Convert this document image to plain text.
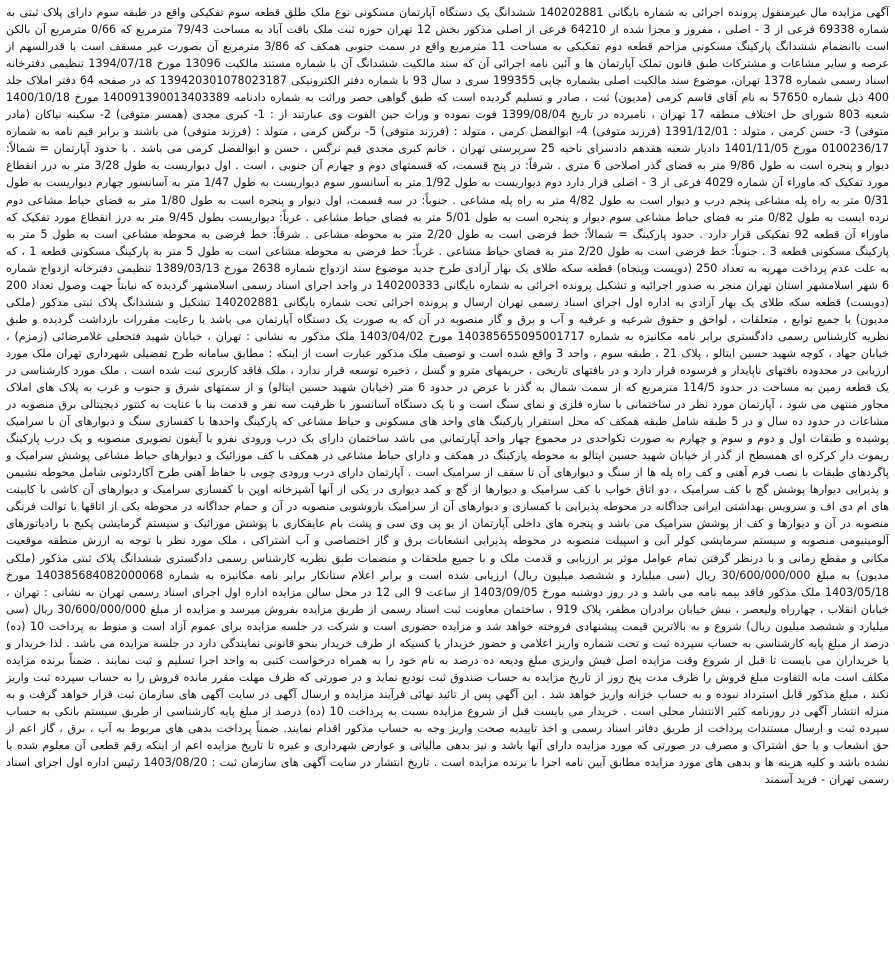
آگهی مزایده مال غیرمنقول پرونده اجرائی به شماره بایگانی 140202881 ششدانگ یک دستگاه آپارتمان مسکونی نوع ملک طلق قطعه سوم تفکیکی واقع در طبقه سوم دارای پلاک ثبتی به شماره 69338 فرعی از 3 - اصلی ، مفروز و مجزا شده از 64210 فرعی از اصلی مذکور بخش 12 تهران حوزه ثبت ملک بافت آباد به مساحت 79/43 مترمربع که 0/66 مترمربع آن بالکن است باانضمام ششدانگ پارکینگ مسکونی مزاحم قطعه دوم تفکیکی به مساحت 11 مترمربع واقع در سمت جنوبی همکف که 3/86 مترمربع آن بصورت غیر مسقف است با قدرالسهم از عرصه و سایر مشاعات و مشترکات طبق قانون تملک آپارتمان ها و آئین نامه اجرائی آن که سند مالکیت ششدانگ آن با شماره مستند مالکیت 13096 مورخ 1394/07/18 تنظیمی دفترخانه اسناد رسمی شماره 1378 تهران، موضوع سند مالکیت اصلی بشماره چاپی 199355 سری د سال 93 با شماره دفتر الکترونیکی 139420301078023187 که در صفحه 64 دفتر املاک جلد 400 ذیل شماره 57650 به نام آقای قاسم کرمی (مدیون) ثبت ، صادر و تسلیم گردیده است که طبق گواهی حصر وراثت به شماره دادنامه 140091390013403389 مورخ 1400/10/18 شعبه 803 شورای حل اختلاف منطقه 17 تهران ، نامبرده در تاریخ 1399/08/04 فوت نموده و وراث حین الفوت وی عبارتند از : 1- کبری مجدی (همسر متوفی) 2- سکینه نیاکان (مادر متوفی) 3- حسن کرمی ، متولد : 1391/12/01 (فرزند متوفی) 4- ابوالفضل کرمی ، متولد : (فرزند متوفی) 5- نرگس کرمی ، متولد : (فرزند متوفی) می باشند و برابر قیم نامه به شماره 0100236/17 مورخ 1401/11/05 دادیار شعبه هفدهم دادسرای ناحیه 25 سرپرستی تهران ، خانم کبری مجدی قیم نرگس ، حسن و ابوالفضل کرمی می باشد . با حدود آپارتمان = شمالاً: دیوار و پنجره است به طول 9/86 متر به فضای گذر اصلاحی 6 متری . شرقاً: در پنج قسمت، که قسمتهای دوم و چهارم آن جنوبی ، است . اول دیواریست به طول 3/28 متر به درز انقطاع مورد تفکیک که ماوراء آن شماره 4029 فرعی از 3 - اصلی قرار دارد دوم دیواریست به طول 1/92 متر به آسانسور سوم دیواریست به طول 1/47 متر به آسانسور چهارم دیواریست به طول 0/31 متر به راه پله مشاعی پنجم درب و دیوار است به طول 4/82 متر به راه پله مشاعی . جنوباً: در سه قسمت، اول دیوار و پنجره است به طول 1/80 متر به فضای حیاط مشاعی دوم نرده ایست به طول 0/82 متر به فضای حیاط مشاعی سوم دیوار و پنجره است به طول 5/01 متر به فضای حیاط مشاعی . غرباً: دیواریست بطول 9/45 متر به درز انقطاع مورد تفکیک که ماوراء آن قطعه 92 تفکیکی قرار دارد . حدود پارکینگ = شمالاً: خط فرضی است به طول 2/20 متر به محوطه مشاعی . شرقاً: خط فرضی به محوطه مشاعی است به طول 5 متر به پارکینگ مسکونی قطعه 3 . جنوباً: خط فرضی است به طول 2/20 متر به فضای حیاط مشاعی . غرباً: خط فرضی به محوطه مشاعی است به طول 5 متر به پارکینگ مسکونی قطعه 1 ، که به علت عدم پرداخت مهریه به تعداد 250 (دویست وپنجاه) قطعه سکه طلای یک بهار آزادی طرح جدید موضوع سند ازدواج شماره 2638 مورخ 1389/03/13 تنظیمی دفترخانه ازدواج شماره 6 شهر اسلامشهر استان تهران منجر به صدور اجرائیه و تشکیل پرونده اجرائی به شماره بایگانی 140200333 در واحد اجرای اسناد رسمی اسلامشهر گردیده که نیابتاً جهت وصول تعداد 200 (دویست) قطعه سکه طلای یک بهار آزادی به اداره اول اجرای اسناد رسمی تهران ارسال و پرونده اجرائی تحت شماره بایگانی 140202881 تشکیل و ششدانگ پلاک ثبتی مذکور (ملکی مدیون) با جمیع توابع ، متعلقات ، لواحق و حقوق شرعیه و عرفیه و آب و برق و گاز منصوبه در آن که به صورت یک دستگاه آپارتمان می باشد با رعایت مقررات بازداشت گردیده و طبق نظریه کارشناس رسمی دادگستری برابر نامه مکانیزه به شماره 140385655095001717 مورخ 1403/04/02 ملک مذکور به نشانی : تهران ، خیابان شهید فتحعلی غلامرضائی (زمزم) ، خیابان جهاد ، کوچه شهید حسین ایتالو ، پلاک 21 ، طبقه سوم ، واحد 3 واقع شده است و توصیف ملک مذکور عبارت است از اینکه : مطابق سامانه طرح تفضیلی شهرداری تهران ملک مورد ارزیابی در محدوده بافتهای ناپایدار و فرسوده قرار دارد و در بافتهای تاریخی ، حریمهای مترو و گسل ، ذخیره توسعه قرار ندارد ، ملک فاقد کاربری ثبت شده است . ملک مورد کارشناسی در یک قطعه زمین به مساحت در حدود 114/5 مترمربع که از سمت شمال به گذر با عرض در حدود 6 متر (خیابان شهید حسین ایتالو) و از سمتهای شرق و جنوب و غرب به پلاک های املاک مجاور منتهی می شود ، آپارتمان مورد نظر در ساختمانی با سازه فلزی و نمای سنگ است و با یک دستگاه آسانسور با ظرفیت سه نفر و قدمت بنا با عنایت به کنتور دیجیتالی برق منصوبه در مشاعات در حدود ده سال و در 5 طبقه شامل طبقه همکف که محل استقرار پارکینگ های واحد های مسکونی و حیاط مشاعی که پارکینگ واحدها با کفسازی سنگ و دیوارهای آن با سرامیک پوشیده و طبقات اول و دوم و سوم و چهارم به صورت تکواحدی در مجموع چهار واحد آپارتمانی می باشد ساختمان دارای یک درب ورودی نفرو با آیفون تصویری منصوبه و یک درب پارکینگ ریموت دار کرکره ای همسطح از گذر از خیابان شهید حسین ایتالو به محوطه پارکینگ در همکف و دارای حیاط مشاعی در همکف با کف موزائیک و دیوارهای حیاط مشاعی پوشش سرامیک و پاگردهای طبقات با نصب فرم آهنی و کف راه پله ها از سنگ و دیوارهای آن تا سقف از سرامیک است . آپارتمان دارای درب ورودی چوبی با حفاظ آهنی طرح آکاردئونی شامل محوطه نشیمن و پذیرایی دیوارها پوشش گچ با کف سرامیک ، دو اتاق خواب با کف سرامیک و دیوارها از گچ و کمد دیواری در یکی از آنها آشپزخانه اوپن با کفسازی سرامیک و دیوارهای آن کاشی با کابینت های ام دی اف و سرویس بهداشتی ایرانی جداگانه در محوطه پذیرایی با کفسازی و دیوارهای آن از سرامیک باروشویی منصوبه در آن و حمام جداگانه در محوطه یکی از اتاقها با توالت فرنگی منصوبه در آن و دیوارها و کف از پوشش سرامیک می باشد و پنجره های داخلی آپارتمان از یو پی وی سی و پشت بام عایقکاری با پوشش موزائیک و سیستم گرمایشی پکیج با رادیاتورهای آلومینیومی منصوبه و سیستم سرمایشی کولر آبی و اسپیلت منصوبه در محوطه پذیرایی انشعابات برق و گاز اختصاصی و آب اشتراکی ، ملک مورد نظر با توجه به ارزش منطقه موقعیت مکانی و مقطع زمانی و با درنظر گرفتن تمام عوامل موثر بر ارزیابی و قدمت ملک و با جمیع ملحقات و منضمات طبق نظریه کارشناس رسمی دادگستری ششدانگ پلاک ثبتی مذکور (ملکی مدیون) به مبلغ 30/600/000/000 ریال (سی میلیارد و ششصد میلیون ریال) ارزیابی شده است و برابر اعلام ستانکار برابر نامه مکانیزه به شماره 140385684082000068 مورخ 1403/05/18 ملک مذکور فاقد بیمه نامه می باشد و در روز دوشنبه مورخ 1403/09/05 از ساعت 9 الی 12 در محل سالن مزایده اداره اول اجرای اسناد رسمی تهران به نشانی : تهران ، خیابان انقلاب ، چهارراه ولیعصر ، نبش خیابان برادران مظفر، پلاک 919 ، ساختمان معاونت ثبت اسناد رسمی از طریق مزایده بفروش میرسد و مزایده از مبلغ 30/600/000/000 ریال (سی میلیارد و ششصد میلیون ریال) شروع و به بالاترین قیمت پیشنهادی فروخته خواهد شد و مزایده حضوری است و شرکت در جلسه مزایده برای عموم آزاد است و منوط به پرداخت 10 (ده) درصد از مبلغ پایه کارشناسی به حساب سپرده ثبت و تحت شماره واریز اعلامی و حضور خریدار یا کسیکه از طرف خریدار بنحو قانونی نمایندگی دارد در جلسه مزایده می باشد . لذا خریدار و یا خریداران می بایست تا قبل از شروع وقت مزایده اصل فیش واریزی مبلغ ودیعه ده درصد به نام خود را به همراه درخواست کتبی به واحد اجرا تسلیم و ثبت نمایند . ضمناً برنده مزایده مکلف است مابه التفاوت مبلغ فروش را ظرف مدت پنج روز از تاریخ مزایده به حساب صندوق ثبت تودیع نماید و در صورتی که ظرف مهلت مقرر مانده فروش را به حساب سپرده ثبت واریز نکند ، مبلغ مذکور قابل استرداد نبوده و به حساب خزانه واریز خواهد شد . این آگهی پس از تائید نهائی فرآیند مزایده و ارسال آگهی در سایت آگهی های سازمان ثبت قرار خواهد گرفت و به منزله انتشار آگهی در روزنامه کثیر الانتشار محلی است . خریدار می بایست قبل از شروع مزایده نسبت به پرداخت 10 (ده) درصد از مبلغ پایه کارشناسی از طریق سیستم بانکی به حساب سپرده ثبت و ارسال مستندات پرداخت از طریق دفاتر اسناد رسمی و اخذ تاییدیه صحت واریز وجه به حساب مذکور اقدام نمایند. ضمناً پرداخت بدهی های مربوط به آب ، برق ، گاز اعم از حق انشعاب و یا حق اشتراک و مصرف در صورتی که مورد مزایده دارای آنها باشد و نیز بدهی مالیاتی و عوارض شهرداری و غیره تا تاریخ مزایده اعم از اینکه رقم قطعی آن معلوم شده یا نشده باشد و کلیه هزینه ها و بدهی های مورد مزایده مطابق آیین نامه اجرا با برنده مزایده است . تاریخ انتشار در سایت آگهی های سازمان ثبت : 1403/08/20 رئیس اداره اول اجرای اسناد رسمی تهران - فرید آسمند
